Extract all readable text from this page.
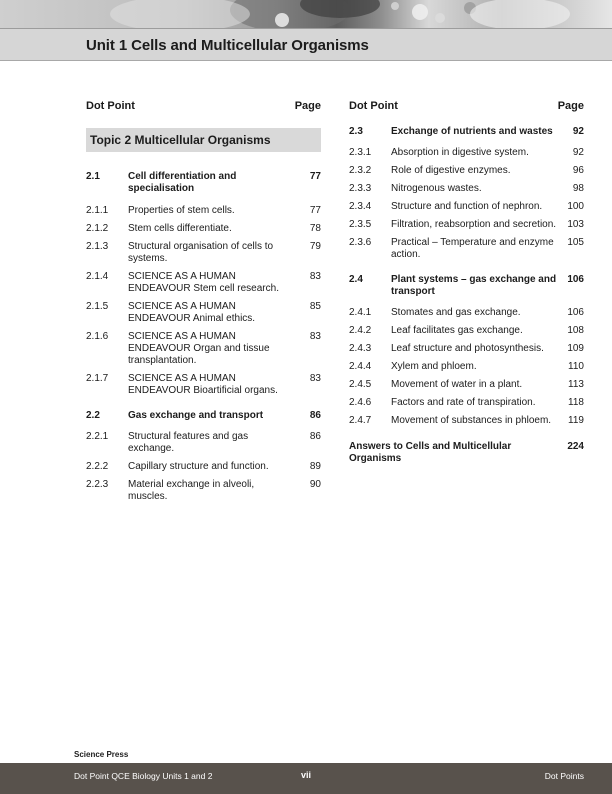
Unit 1 Cells and Multicellular Organisms
Dot Point	Page
Topic 2 Multicellular Organisms
2.1	Cell differentiation and specialisation
77
2.1.1 Properties of stem cells.	77
2.1.2 Stem cells differentiate.	78
2.1.3 Structural organisation of cells to systems.
79
2.1.4 SCIENCE AS A HUMAN ENDEAVOUR Stem cell research.
83
2.1.5 SCIENCE AS A HUMAN ENDEAVOUR Animal ethics.
85
2.1.6 SCIENCE AS A HUMAN ENDEAVOUR Organ and tissue transplantation.
83
2.1.7 SCIENCE AS A HUMAN ENDEAVOUR Bioartificial organs.
83
2.2	Gas exchange and transport	86
2.2.1 Structural features and gas exchange.
86
2.2.2 Capillary structure and function.	89
2.2.3 Material exchange in alveoli, muscles.
90
Dot Point	Page
2.3	Exchange of nutrients and wastes	92
2.3.1 Absorption in digestive system.	92
2.3.2 Role of digestive enzymes.	96
2.3.3 Nitrogenous wastes.	98
2.3.4 Structure and function of nephron.	100
2.3.5 Filtration, reabsorption and secretion. 103
2.3.6 Practical – Temperature and enzyme action.
105
2.4	Plant systems – gas exchange and transport
106
2.4.1 Stomates and gas exchange.	106
2.4.2 Leaf facilitates gas exchange.	108
2.4.3 Leaf structure and photosynthesis.	109
2.4.4 Xylem and phloem.	110
2.4.5 Movement of water in a plant.	113
2.4.6 Factors and rate of transpiration.	118
2.4.7 Movement of substances in phloem.	119
Answers to Cells and Multicellular Organisms
224
Science Press
Dot Point QCE Biology Units 1 and 2	vii	Dot Points
